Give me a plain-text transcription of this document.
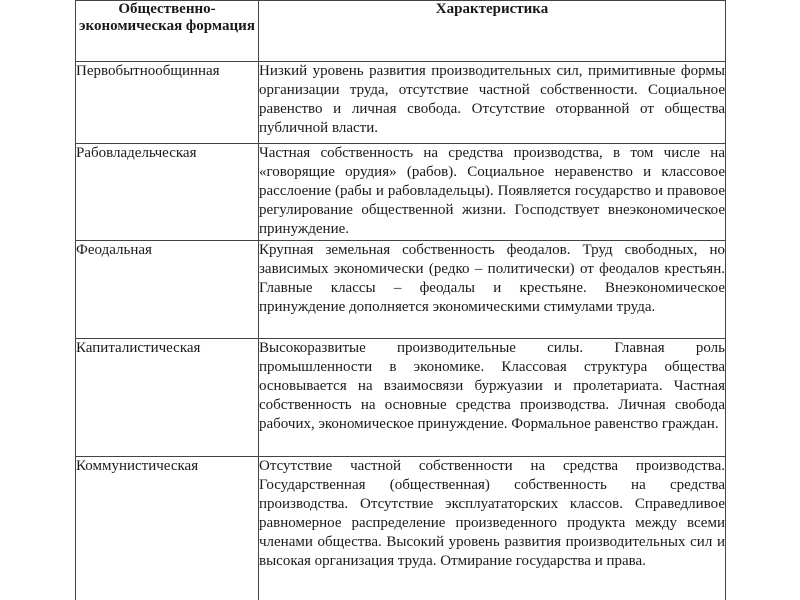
Общественно-экономическая формация	Характеристика
Первобытнообщинная	Низкий уровень развития производительных сил, примитивные формы организации труда, отсутствие частной собственности. Социальное равенство и личная свобода. Отсутствие оторванной от общества публичной власти.
Рабовладельческая	Частная собственность на средства производства, в том числе на «говорящие орудия» (рабов). Социальное неравенство и классовое расслоение (рабы и рабовладельцы). Появляется государство и правовое регулирование общественной жизни. Господствует внеэкономическое принуждение.
Феодальная	Крупная земельная собственность феодалов. Труд свободных, но зависимых экономически (редко – политически) от феодалов крестьян. Главные классы – феодалы и крестьяне. Внеэкономическое принуждение дополняется экономическими стимулами труда.
Капиталистическая	Высокоразвитые производительные силы. Главная роль промышленности в экономике. Классовая структура общества основывается на взаимосвязи буржуазии и пролетариата. Частная собственность на основные средства производства. Личная свобода рабочих, экономическое принуждение. Формальное равенство граждан.
Коммунистическая	Отсутствие частной собственности на средства производства. Государственная (общественная) собственность на средства производства. Отсутствие эксплуататорских классов. Справедливое равномерное распределение произведенного продукта между всеми членами общества. Высокий уровень развития производительных сил и высокая организация труда. Отмирание государства и права.
